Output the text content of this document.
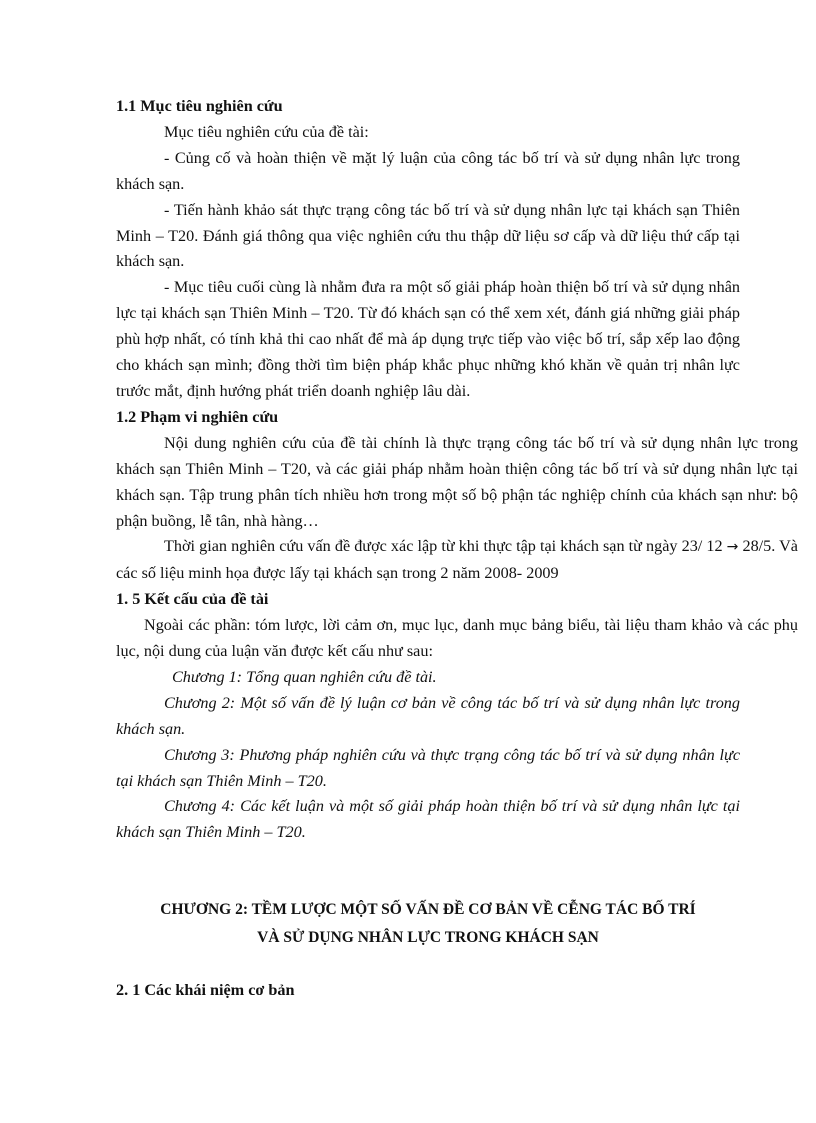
1.1 Mục tiêu nghiên cứu

Mục tiêu nghiên cứu của đề tài:

- Củng cố và hoàn thiện về mặt lý luận của công tác bố trí và sử dụng nhân lực trong khách sạn.

- Tiến hành khảo sát thực trạng công tác bố trí và sử dụng nhân lực tại khách sạn Thiên Minh – T20. Đánh giá thông qua việc nghiên cứu thu thập dữ liệu sơ cấp và dữ liệu thứ cấp tại khách sạn.

- Mục tiêu cuối cùng là nhằm đưa ra một số giải pháp hoàn thiện bố trí và sử dụng nhân lực tại khách sạn Thiên Minh – T20. Từ đó khách sạn có thể xem xét, đánh giá những giải pháp phù hợp nhất, có tính khả thi cao nhất để mà áp dụng trực tiếp vào việc bố trí, sắp xếp lao động cho khách sạn mình; đồng thời tìm biện pháp khắc phục những khó khăn về quản trị nhân lực trước mắt, định hướng phát triển doanh nghiệp lâu dài.

1.2 Phạm vi nghiên cứu

Nội dung nghiên cứu của đề tài chính là thực trạng công tác bố trí và sử dụng nhân lực trong khách sạn Thiên Minh – T20, và các giải pháp nhằm hoàn thiện công tác bố trí và sử dụng nhân lực tại khách sạn. Tập trung phân tích nhiều hơn trong một số bộ phận tác nghiệp chính của khách sạn như: bộ phận buồng, lễ tân, nhà hàng…

Thời gian nghiên cứu vấn đề được xác lập từ khi thực tập tại khách sạn từ ngày 23/ 12 → 28/5. Và các số liệu minh họa được lấy tại khách sạn trong 2 năm 2008- 2009

1. 5 Kết cấu của đề tài

Ngoài các phần: tóm lược, lời cảm ơn, mục lục, danh mục bảng biểu, tài liệu tham khảo và các phụ lục, nội dung của luận văn được kết cấu như sau:

Chương 1: Tổng quan nghiên cứu đề tài.

Chương 2: Một số vấn đề lý luận cơ bản về công tác bố trí và sử dụng nhân lực trong khách sạn.

Chương 3: Phương pháp nghiên cứu và thực trạng công tác bố trí và sử dụng nhân lực tại khách sạn Thiên Minh – T20.

Chương 4: Các kết luận và một số giải pháp hoàn thiện bố trí và sử dụng nhân lực tại khách sạn Thiên Minh – T20.

CHƯƠNG 2: TỀM LƯỢC MỘT SỐ VẤN ĐỀ CƠ BẢN VỀ CỄNG TÁC BỐ TRÍ
VÀ SỬ DỤNG NHÂN LỰC TRONG KHÁCH SẠN

2. 1 Các khái niệm cơ bản
